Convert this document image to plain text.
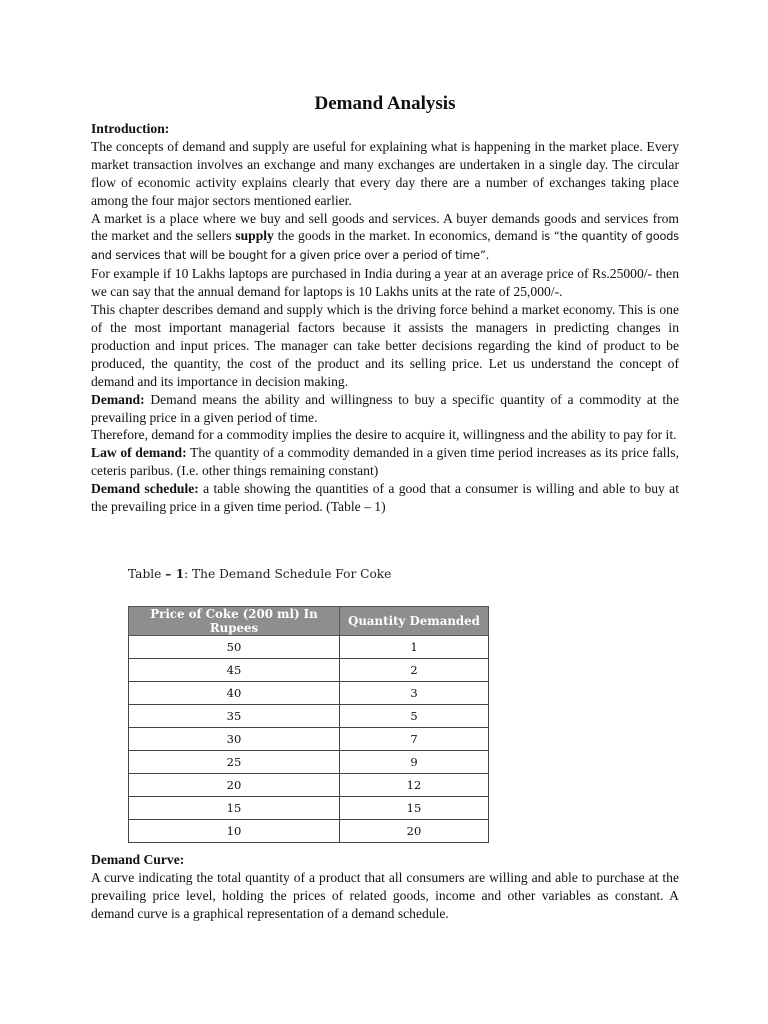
Demand Analysis

Introduction:

The concepts of demand and supply are useful for explaining what is happening in the market place. Every market transaction involves an exchange and many exchanges are undertaken in a single day. The circular flow of economic activity explains clearly that every day there are a number of exchanges taking place among the four major sectors mentioned earlier.

A market is a place where we buy and sell goods and services. A buyer demands goods and services from the market and the sellers supply the goods in the market. In economics, demand is “the quantity of goods and services that will be bought for a given price over a period of time”.

For example if 10 Lakhs laptops are purchased in India during a year at an average price of Rs.25000/- then we can say that the annual demand for laptops is 10 Lakhs units at the rate of 25,000/-.

This chapter describes demand and supply which is the driving force behind a market economy. This is one of the most important managerial factors because it assists the managers in predicting changes in production and input prices. The manager can take better decisions regarding the kind of product to be produced, the quantity, the cost of the product and its selling price. Let us understand the concept of demand and its importance in decision making.

Demand: Demand means the ability and willingness to buy a specific quantity of a commodity at the prevailing price in a given period of time.

Therefore, demand for a commodity implies the desire to acquire it, willingness and the ability to pay for it.

Law of demand: The quantity of a commodity demanded in a given time period increases as its price falls, ceteris paribus. (I.e. other things remaining constant)

Demand schedule: a table showing the quantities of a good that a consumer is willing and able to buy at the prevailing price in a given time period. (Table – 1)

Table – 1: The Demand Schedule For Coke
Price of Coke (200 ml) In Rupees	Quantity Demanded
50	1
45	2
40	3
35	5
30	7
25	9
20	12
15	15
10	20

Demand Curve:

A curve indicating the total quantity of a product that all consumers are willing and able to purchase at the prevailing price level, holding the prices of related goods, income and other variables as constant. A demand curve is a graphical representation of a demand schedule.
